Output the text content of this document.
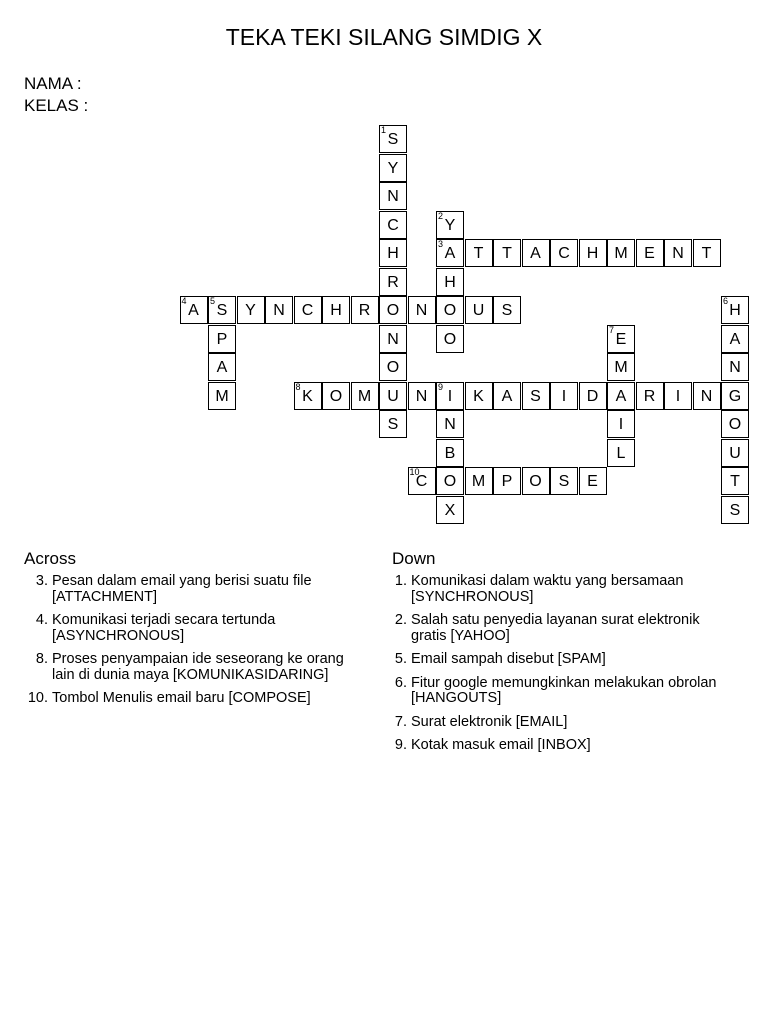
TEKA TEKI SILANG SIMDIG X
NAMA :
KELAS :
1
S
Y
N
C
H
R
O
N
O
U
S
2
Y
3
A
H
O
O
T	T	A	C	H	M	E	N	T
4
A
5
S	Y	N	C	H	R	N	U	S
P
A
M
6
H
A
N
G
O
U
T
S
7
E
M
A
I
L
8
K	O M	N
9
I	K	A	S	I	D	R	I	N
N
B
O
X
10
C	M	P	O	S	E
Across
3. Pesan dalam email yang berisi suatu file [ATTACHMENT]
4. Komunikasi terjadi secara tertunda [ASYNCHRONOUS]
8. Proses penyampaian ide seseorang ke orang lain di dunia maya [KOMUNIKASIDARING]
10. Tombol Menulis email baru [COMPOSE]
Down
1. Komunikasi dalam waktu yang bersamaan [SYNCHRONOUS]
2. Salah satu penyedia layanan surat elektronik gratis [YAHOO]
5. Email sampah disebut [SPAM]
6. Fitur google memungkinkan melakukan obrolan [HANGOUTS]
7. Surat elektronik [EMAIL]
9. Kotak masuk email [INBOX]
